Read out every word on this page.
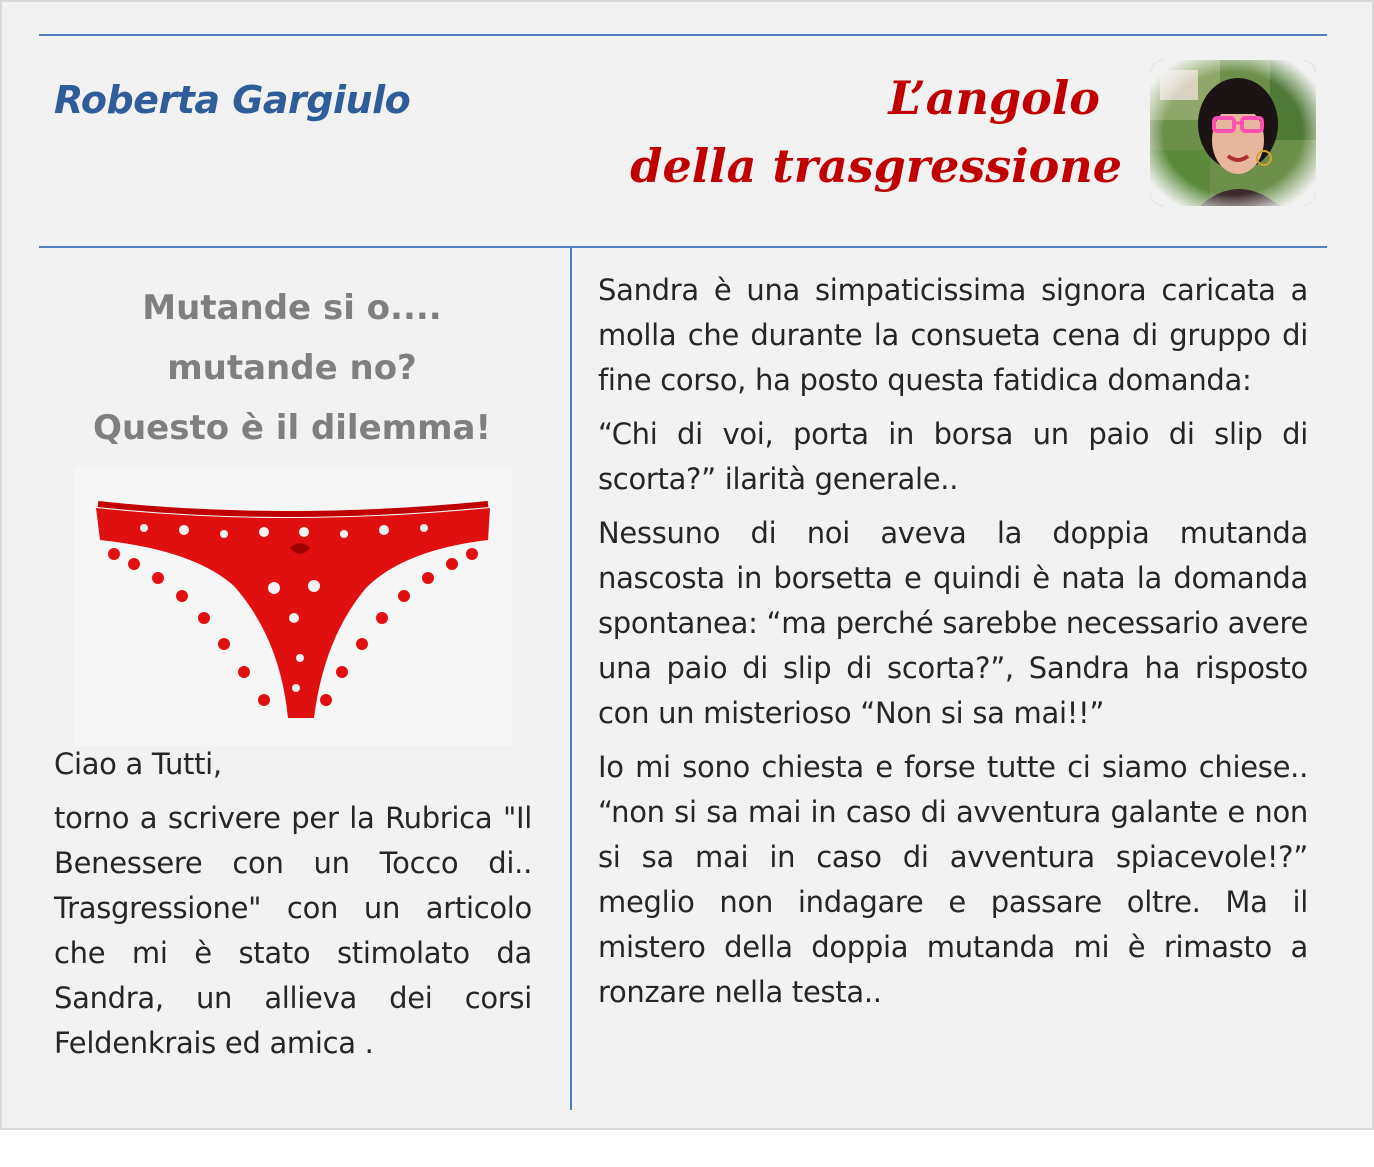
Roberta Gargiulo	L’angolo
della trasgressione
Mutande si o....
mutande no?
Questo è il dilemma!

Ciao a Tutti,

torno a scrivere per la Rubrica "Il Benessere con un Tocco di.. Trasgressione" con un articolo che mi è stato stimolato da Sandra, un allieva dei corsi Feldenkrais ed amica .

Sandra è una simpaticissima signora caricata a molla che durante la consueta cena di gruppo di fine corso, ha posto questa fatidica domanda:

“Chi di voi, porta in borsa un paio di slip di scorta?” ilarità generale..

Nessuno di noi aveva la doppia mutanda nascosta in borsetta e quindi è nata la domanda spontanea: “ma perché sarebbe necessario avere una paio di slip di scorta?”, Sandra ha risposto con un misterioso “Non si sa mai!!”

Io mi sono chiesta e forse tutte ci siamo chiese.. “non si sa mai in caso di avventura galante e non si sa mai in caso di avventura spiacevole!?” meglio non indagare e passare oltre. Ma il mistero della doppia mutanda mi è rimasto a ronzare nella testa..
